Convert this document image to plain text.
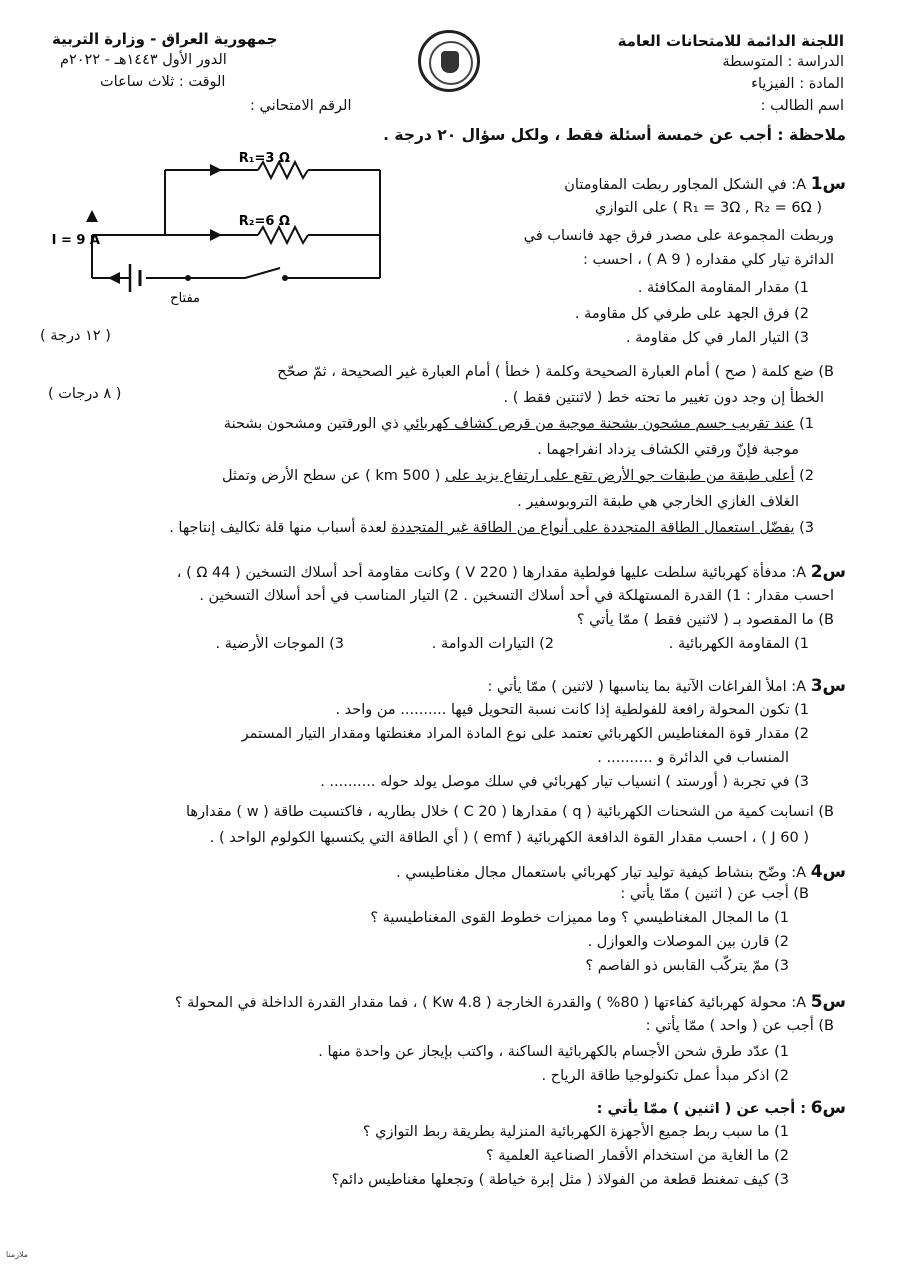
اللجنة الدائمة للامتحانات العامة
الدراسة : المتوسطة
المادة : الفيزياء
اسم الطالب :
جمهورية العراق - وزارة التربية
الدور الأول ١٤٤٣هـ - ٢٠٢٢م
الوقت : ثلاث ساعات
الرقم الامتحاني :
ملاحظة : أجب عن خمسة أسئلة فقط ، ولكل سؤال ٢٠ درجة .
R₁=3 Ω
R₂=6 Ω
I = 9 A
مفتاح
س1 A: في الشكل المجاور ربطت المقاومتان
( R₁ = 3Ω , R₂ = 6Ω ) على التوازي
وربطت المجموعة على مصدر فرق جهد فانساب في
الدائرة تيار كلي مقداره ( 9 A ) ، احسب :
1) مقدار المقاومة المكافئة .
2) فرق الجهد على طرفي كل مقاومة .
3) التيار المار في كل مقاومة .
( ١٢ درجة )
B) ضع كلمة ( صح ) أمام العبارة الصحيحة وكلمة ( خطأ ) أمام العبارة غير الصحيحة ، ثمّ صحّح
الخطأ إن وجد دون تغيير ما تحته خط ( لاثنتين فقط ) .
( ٨ درجات )
1) عند تقريب جسم مشحون بشحنة موجبة من قرص كشاف كهربائي ذي الورقتين ومشحون بشحنة
موجبة فإنّ ورقتي الكشاف يزداد انفراجهما .
2) أعلى طبقة من طبقات جو الأرض تقع على ارتفاع يزيد على ( 500 km ) عن سطح الأرض وتمثل
الغلاف الغازي الخارجي هي طبقة التروبوسفير .
3) يفضّل استعمال الطاقة المتجددة على أنواع من الطاقة غير المتجددة لعدة أسباب منها قلة تكاليف إنتاجها .
س2 A: مدفأة كهربائية سلطت عليها فولطية مقدارها ( 220 V ) وكانت مقاومة أحد أسلاك التسخين ( 44 Ω ) ،
احسب مقدار : 1) القدرة المستهلكة في أحد أسلاك التسخين . 2) التيار المناسب في أحد أسلاك التسخين .
B) ما المقصود بـ ( لاثنين فقط ) ممّا يأتي ؟
1) المقاومة الكهربائية .
2) التيارات الدوامة .
3) الموجات الأرضية .
س3 A: املأ الفراغات الآتية بما يناسبها ( لاثنين ) ممّا يأتي :
1) تكون المحولة رافعة للفولطية إذا كانت نسبة التحويل فيها .......... من واحد .
2) مقدار قوة المغناطيس الكهربائي تعتمد على نوع المادة المراد مغنطتها ومقدار التيار المستمر
المنساب في الدائرة و .......... .
3) في تجربة ( أورستد ) انسياب تيار كهربائي في سلك موصل يولد حوله .......... .
B) انسابت كمية من الشحنات الكهربائية ( q ) مقدارها ( 20 C ) خلال بطاريه ، فاكتسبت طاقة ( w ) مقدارها
( 60 J ) ، احسب مقدار القوة الدافعة الكهربائية ( emf ) ( أي الطاقة التي يكتسبها الكولوم الواحد ) .
س4 A: وضّح بنشاط كيفية توليد تيار كهربائي باستعمال مجال مغناطيسي .
B) أجب عن ( اثنين ) ممّا يأتي :
1) ما المجال المغناطيسي ؟ وما مميزات خطوط القوى المغناطيسية ؟
2) قارن بين الموصلات والعوازل .
3) ممّ يتركّب القابس ذو الفاصم ؟
س5 A: محولة كهربائية كفاءتها ( 80% ) والقدرة الخارجة ( 4.8 Kw ) ، فما مقدار القدرة الداخلة في المحولة ؟
B) أجب عن ( واحد ) ممّا يأتي :
1) عدّد طرق شحن الأجسام بالكهربائية الساكنة ، واكتب بإيجاز عن واحدة منها .
2) اذكر مبدأ عمل تكنولوجيا طاقة الرياح .
س6 : أجب عن ( اثنين ) ممّا يأتي :
1) ما سبب ربط جميع الأجهزة الكهربائية المنزلية بطريقة ربط التوازي ؟
2) ما الغاية من استخدام الأقمار الصناعية العلمية ؟
3) كيف تمغنط قطعة من الفولاذ ( مثل إبرة خياطة ) وتجعلها مغناطيس دائم؟
ملازمنا
